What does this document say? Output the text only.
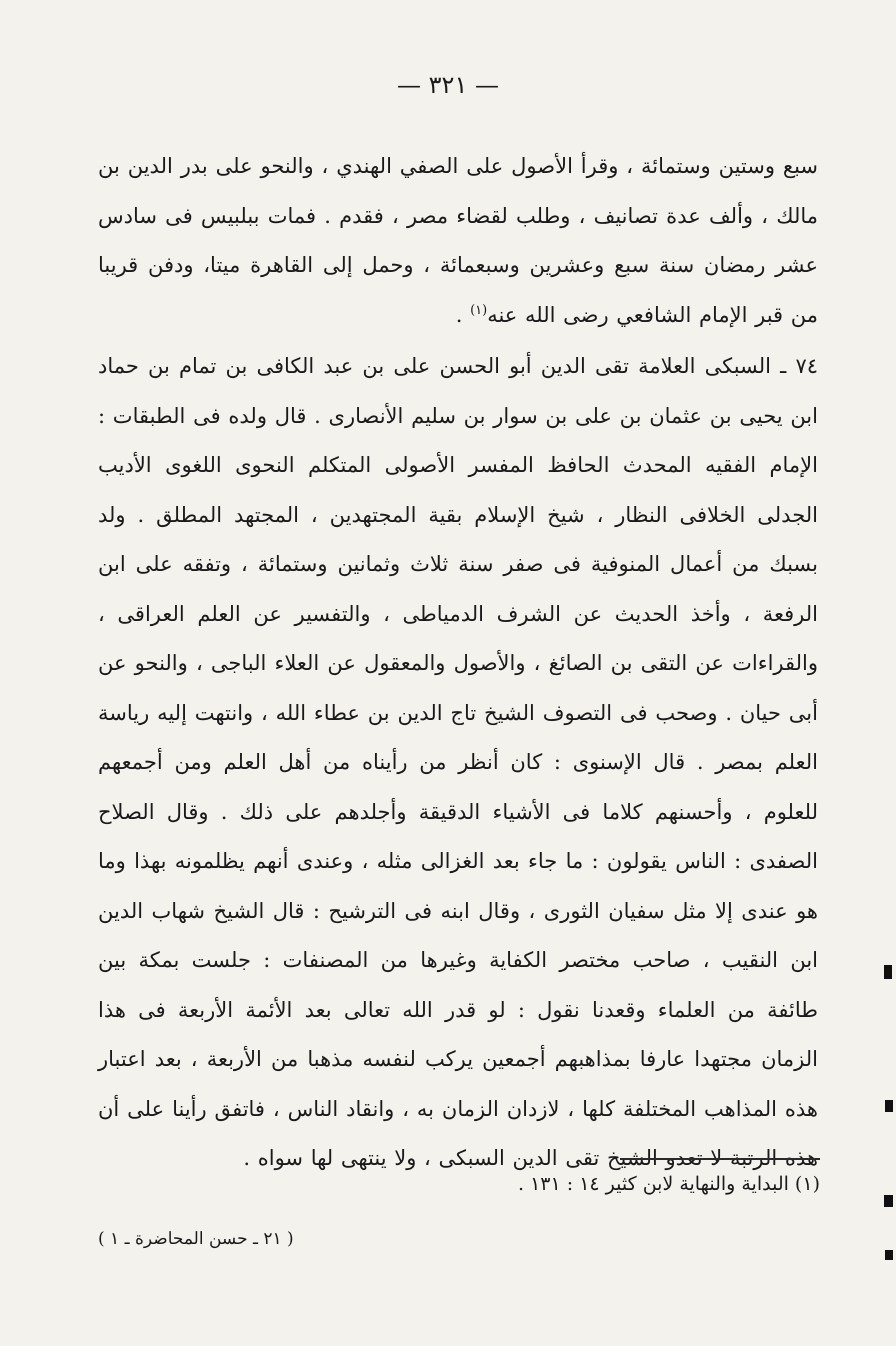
— ٣٢١ —

سبع وستين وستمائة ، وقرأ الأصول على الصفي الهندي ، والنحو على بدر الدين بن مالك ، وألف عدة تصانيف ، وطلب لقضاء مصر ، فقدم . فمات ببلبيس فى سادس عشر رمضان سنة سبع وعشرين وسبعمائة ، وحمل إلى القاهرة ميتا، ودفن قريبا من قبر الإمام الشافعي رضى الله عنه$^{(١)}$ .

٧٤ ـ السبكى العلامة تقى الدين أبو الحسن على بن عبد الكافى بن تمام بن حماد ابن يحيى بن عثمان بن على بن سوار بن سليم الأنصارى . قال ولده فى الطبقات : الإمام الفقيه المحدث الحافظ المفسر الأصولى المتكلم النحوى اللغوى الأديب الجدلى الخلافى النظار ، شيخ الإسلام بقية المجتهدين ، المجتهد المطلق . ولد بسبك من أعمال المنوفية فى صفر سنة ثلاث وثمانين وستمائة ، وتفقه على ابن الرفعة ، وأخذ الحديث عن الشرف الدمياطى ، والتفسير عن العلم العراقى ، والقراءات عن التقى بن الصائغ ، والأصول والمعقول عن العلاء الباجى ، والنحو عن أبى حيان . وصحب فى التصوف الشيخ تاج الدين بن عطاء الله ، وانتهت إليه رياسة العلم بمصر . قال الإسنوى : كان أنظر من رأيناه من أهل العلم ومن أجمعهم للعلوم ، وأحسنهم كلاما فى الأشياء الدقيقة وأجلدهم على ذلك . وقال الصلاح الصفدى : الناس يقولون : ما جاء بعد الغزالى مثله ، وعندى أنهم يظلمونه بهذا وما هو عندى إلا مثل سفيان الثورى ، وقال ابنه فى الترشيح : قال الشيخ شهاب الدين ابن النقيب ، صاحب مختصر الكفاية وغيرها من المصنفات : جلست بمكة بين طائفة من العلماء وقعدنا نقول : لو قدر الله تعالى بعد الأئمة الأربعة فى هذا الزمان مجتهدا عارفا بمذاهبهم أجمعين يركب لنفسه مذهبا من الأربعة ، بعد اعتبار هذه المذاهب المختلفة كلها ، لازدان الزمان به ، وانقاد الناس ، فاتفق رأينا على أن هذه الرتبة لا تعدو الشيخ تقى الدين السبكى ، ولا ينتهى لها سواه .

(١) البداية والنهاية لابن كثير ١٤ : ١٣١ .
( ٢١ ـ حسن المحاضرة ـ ١ )
